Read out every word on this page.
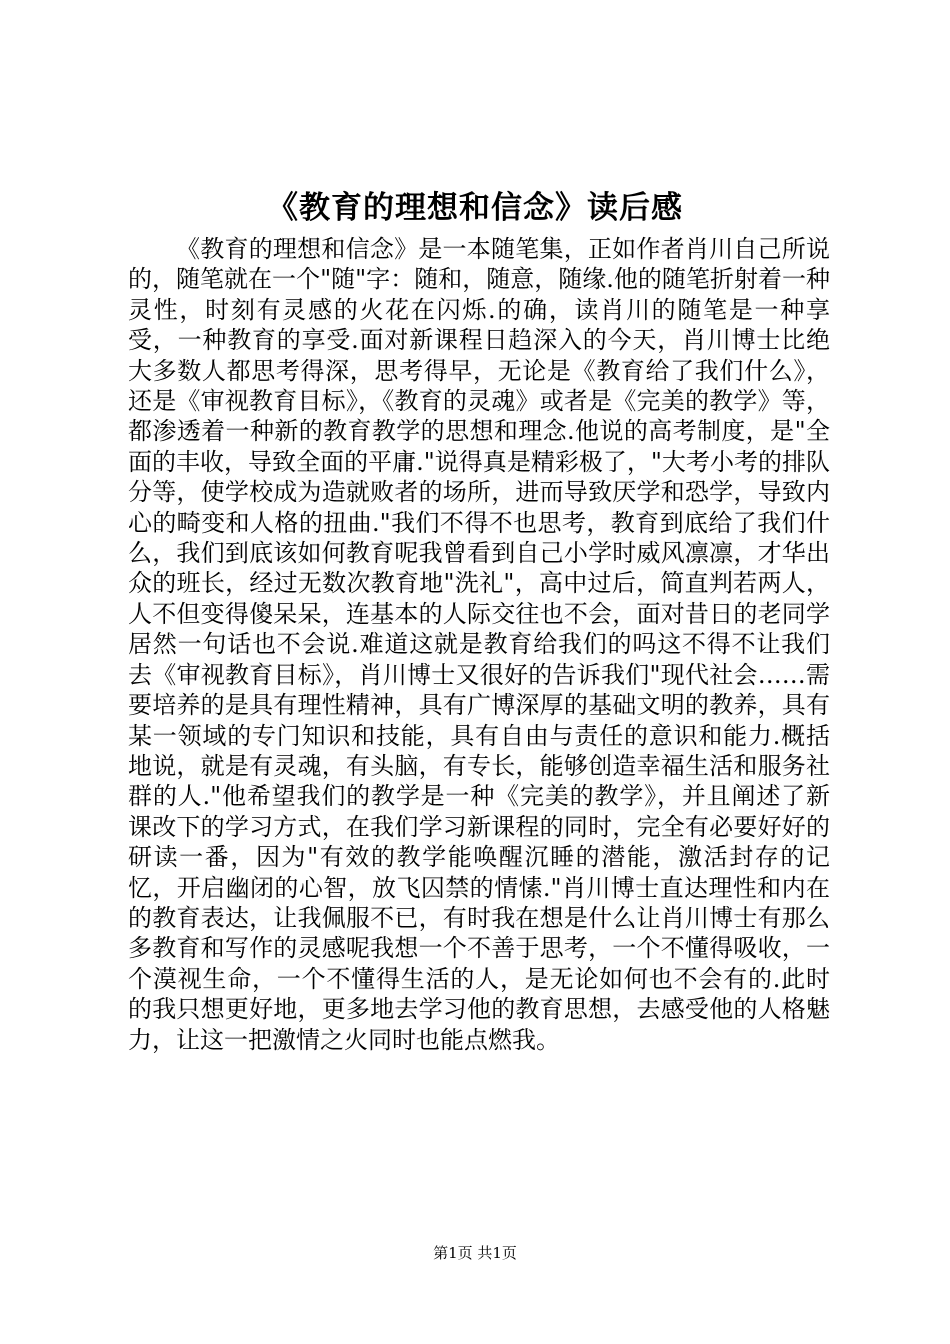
《教育的理想和信念》读后感

《教育的理想和信念》是一本随笔集，正如作者肖川自己所说的，随笔就在一个"随"字：随和，随意，随缘.他的随笔折射着一种灵性，时刻有灵感的火花在闪烁.的确，读肖川的随笔是一种享受，一种教育的享受.面对新课程日趋深入的今天，肖川博士比绝大多数人都思考得深，思考得早，无论是《教育给了我们什么》，还是《审视教育目标》，《教育的灵魂》或者是《完美的教学》等，都渗透着一种新的教育教学的思想和理念.他说的高考制度，是"全面的丰收，导致全面的平庸."说得真是精彩极了，"大考小考的排队分等，使学校成为造就败者的场所，进而导致厌学和恐学，导致内心的畸变和人格的扭曲."我们不得不也思考，教育到底给了我们什么，我们到底该如何教育呢我曾看到自己小学时威风凛凛，才华出众的班长，经过无数次教育地"洗礼"，高中过后，简直判若两人，人不但变得傻呆呆，连基本的人际交往也不会，面对昔日的老同学居然一句话也不会说.难道这就是教育给我们的吗这不得不让我们去《审视教育目标》，肖川博士又很好的告诉我们"现代社会……需要培养的是具有理性精神，具有广博深厚的基础文明的教养，具有某一领域的专门知识和技能，具有自由与责任的意识和能力.概括地说，就是有灵魂，有头脑，有专长，能够创造幸福生活和服务社群的人."他希望我们的教学是一种《完美的教学》，并且阐述了新课改下的学习方式，在我们学习新课程的同时，完全有必要好好的研读一番，因为"有效的教学能唤醒沉睡的潜能，激活封存的记忆，开启幽闭的心智，放飞囚禁的情愫."肖川博士直达理性和内在的教育表达，让我佩服不已，有时我在想是什么让肖川博士有那么多教育和写作的灵感呢我想一个不善于思考，一个不懂得吸收，一个漠视生命，一个不懂得生活的人，是无论如何也不会有的.此时的我只想更好地，更多地去学习他的教育思想，去感受他的人格魅力，让这一把激情之火同时也能点燃我。

第1页 共1页
